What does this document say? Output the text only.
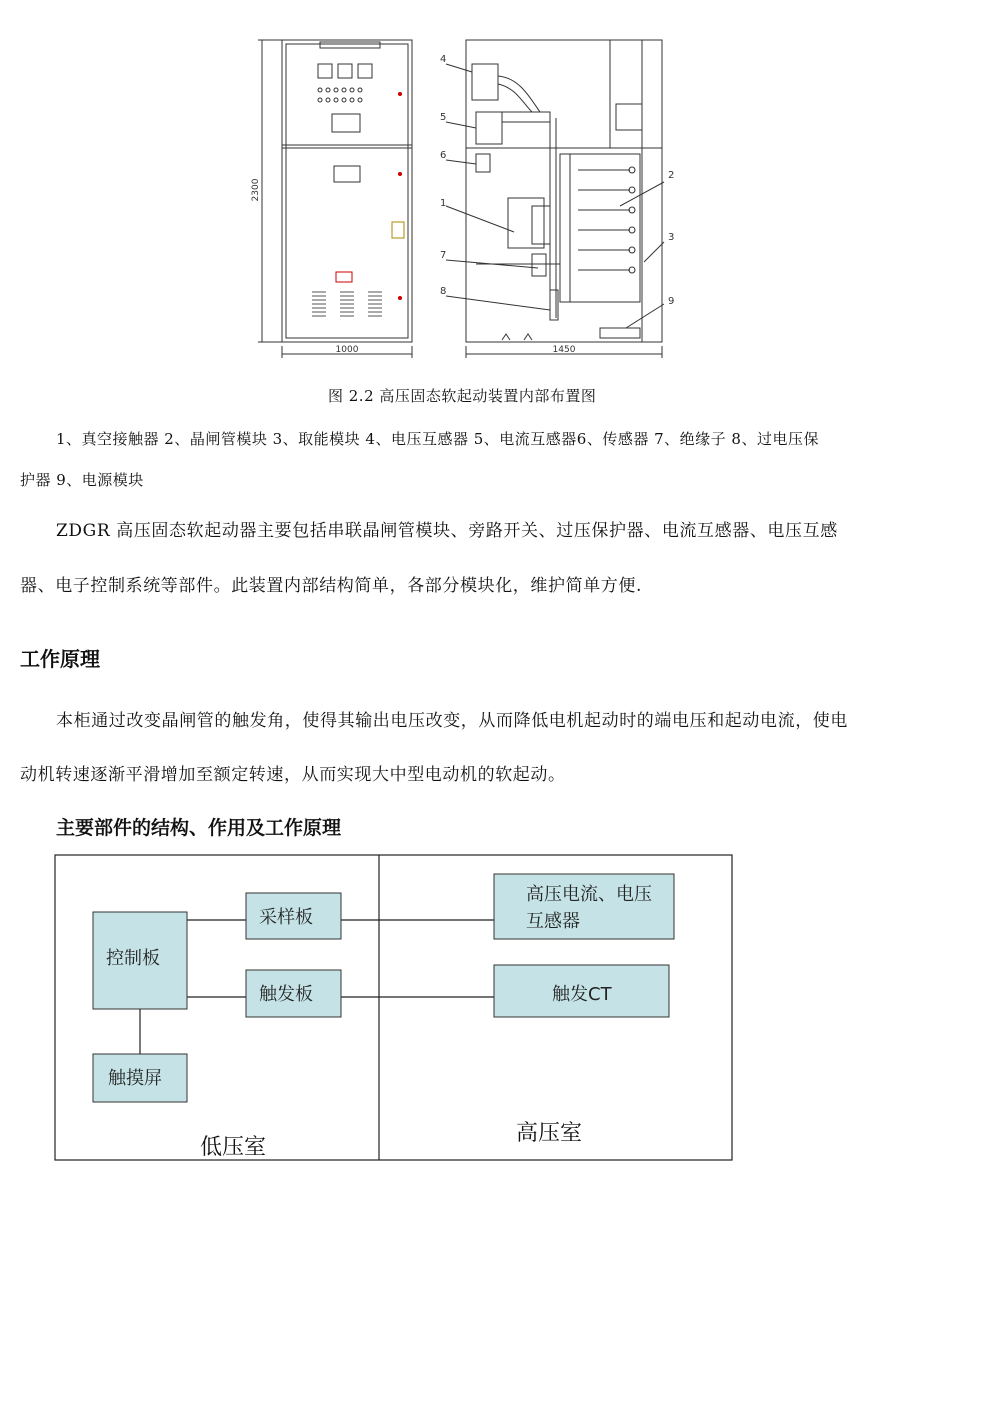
2300
1000	1450
4
5
6
1
7
8
2
3
9
图 2.2 高压固态软起动装置内部布置图
1、真空接触器 2、晶闸管模块 3、取能模块 4、电压互感器 5、电流互感器6、传感器 7、绝缘子 8、过电压保
护器 9、电源模块
ZDGR 高压固态软起动器主要包括串联晶闸管模块、旁路开关、过压保护器、电流互感器、电压互感
器、电子控制系统等部件。此装置内部结构简单，各部分模块化，维护简单方便.
工作原理
本柜通过改变晶闸管的触发角，使得其输出电压改变，从而降低电机起动时的端电压和起动电流，使电
动机转速逐渐平滑增加至额定转速，从而实现大中型电动机的软起动。
主要部件的结构、作用及工作原理
控制板
采样板
触发板
触摸屏
高压电流、电压
互感器
触发CT
低压室
高压室
